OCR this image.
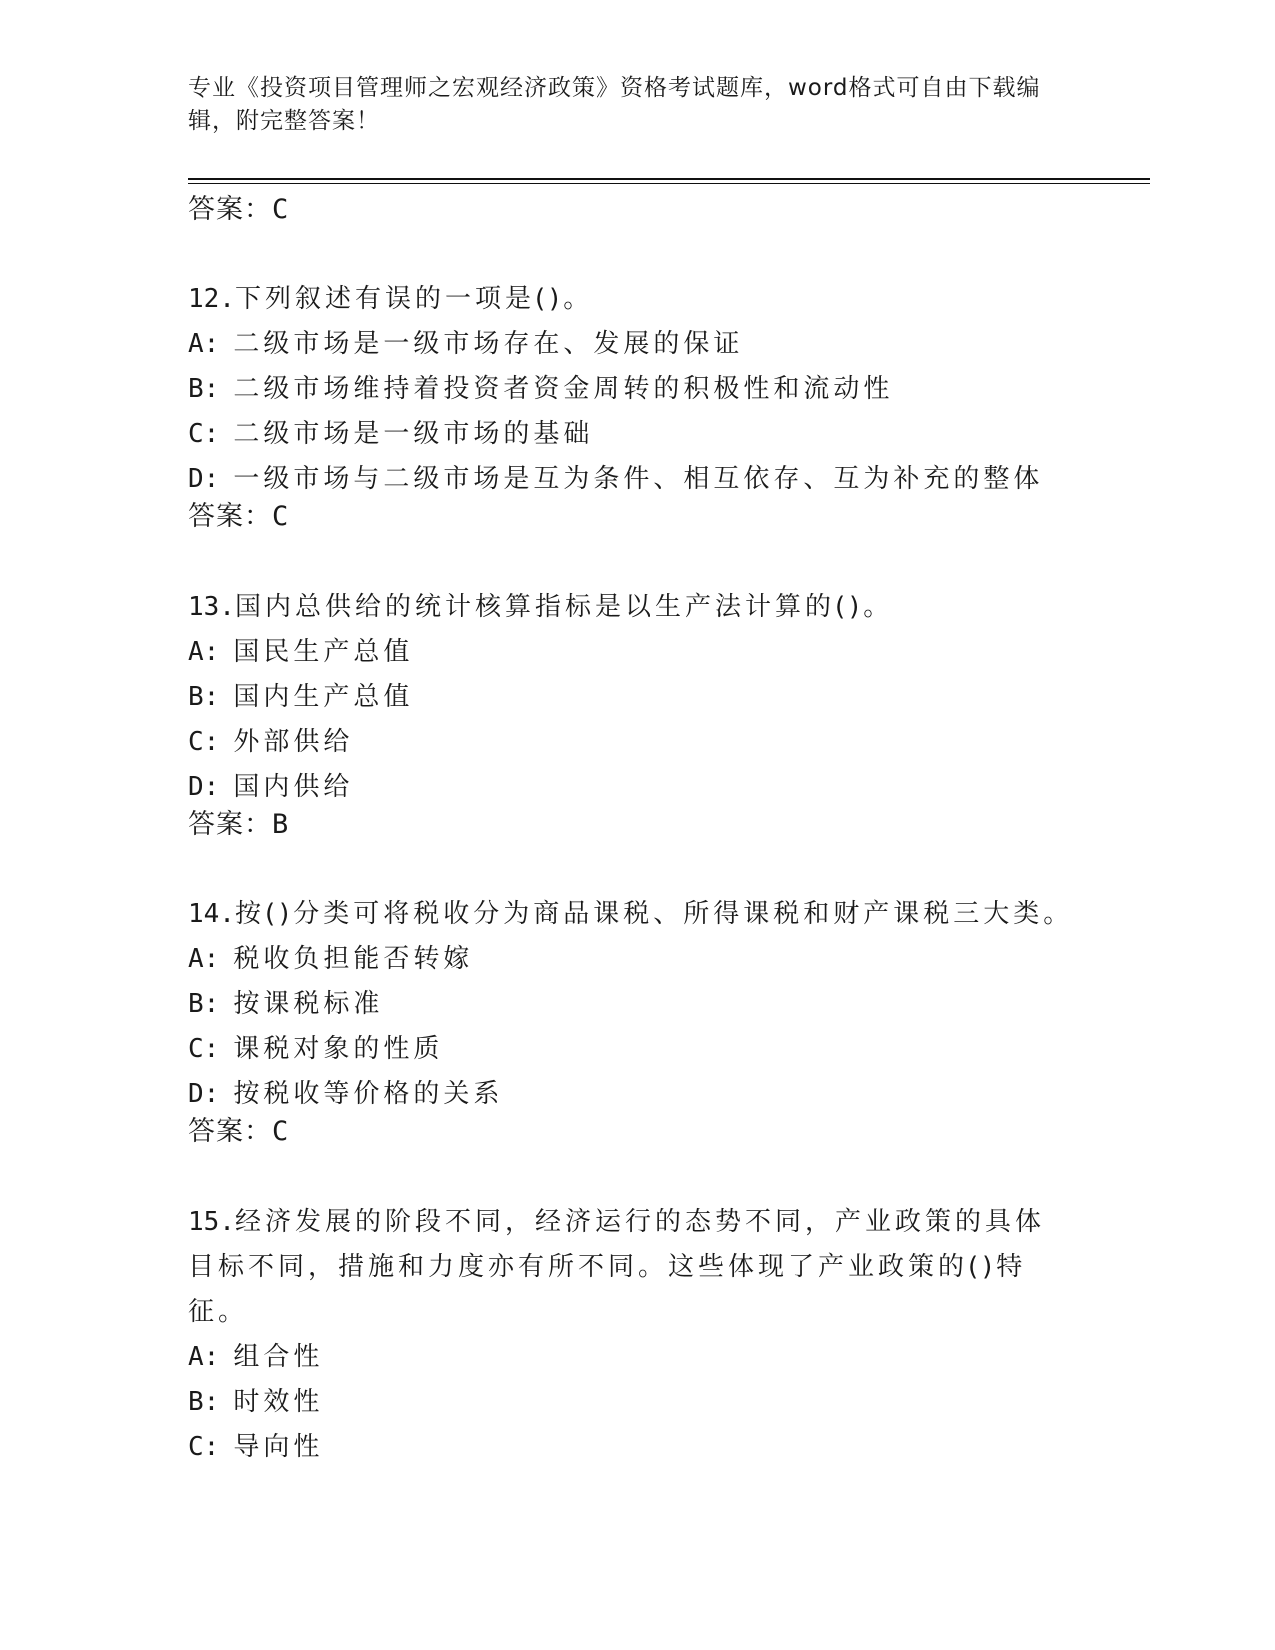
专业《投资项目管理师之宏观经济政策》资格考试题库，word格式可自由下载编辑，附完整答案！
答案：C
12.下列叙述有误的一项是()。
A: 二级市场是一级市场存在、发展的保证
B: 二级市场维持着投资者资金周转的积极性和流动性
C: 二级市场是一级市场的基础
D: 一级市场与二级市场是互为条件、相互依存、互为补充的整体
答案：C
13.国内总供给的统计核算指标是以生产法计算的()。
A: 国民生产总值
B: 国内生产总值
C: 外部供给
D: 国内供给
答案：B
14.按()分类可将税收分为商品课税、所得课税和财产课税三大类。
A: 税收负担能否转嫁
B: 按课税标准
C: 课税对象的性质
D: 按税收等价格的关系
答案：C
15.经济发展的阶段不同，经济运行的态势不同，产业政策的具体目标不同，措施和力度亦有所不同。这些体现了产业政策的()特征。
A: 组合性
B: 时效性
C: 导向性
